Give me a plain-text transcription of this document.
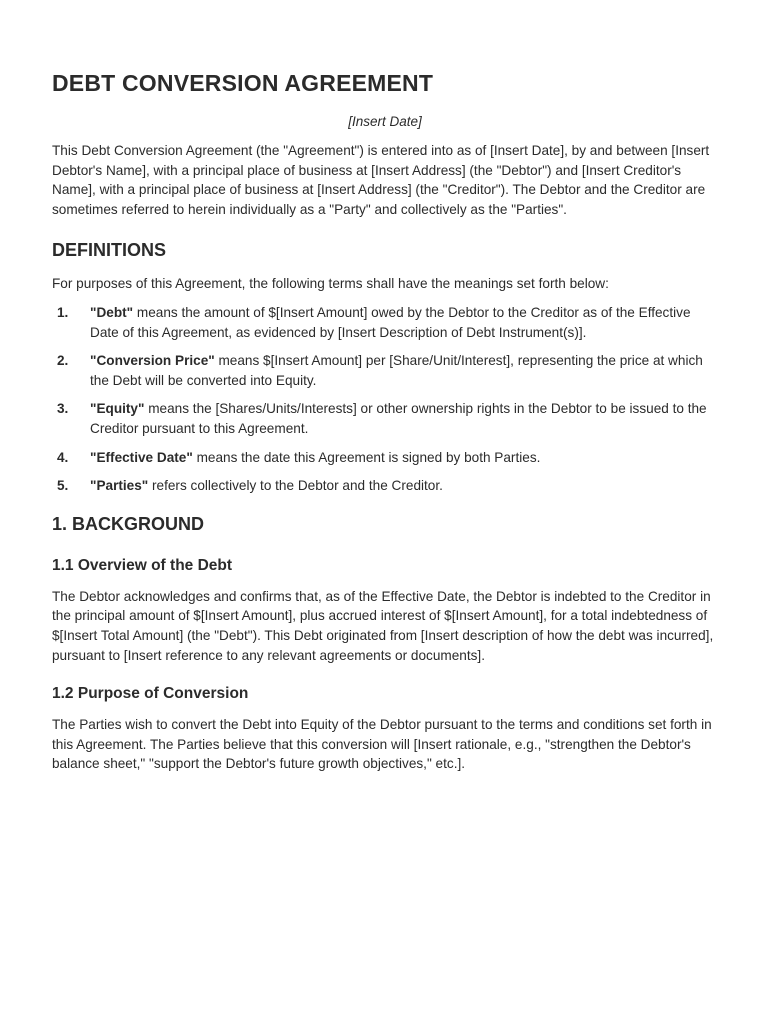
DEBT CONVERSION AGREEMENT
[Insert Date]

This Debt Conversion Agreement (the "Agreement") is entered into as of [Insert Date], by and between [Insert Debtor's Name], with a principal place of business at [Insert Address] (the "Debtor") and [Insert Creditor's Name], with a principal place of business at [Insert Address] (the "Creditor"). The Debtor and the Creditor are sometimes referred to herein individually as a "Party" and collectively as the "Parties".

DEFINITIONS

For purposes of this Agreement, the following terms shall have the meanings set forth below:

1.	"Debt" means the amount of $[Insert Amount] owed by the Debtor to the Creditor as of the Effective Date of this Agreement, as evidenced by [Insert Description of Debt Instrument(s)].
2.	"Conversion Price" means $[Insert Amount] per [Share/Unit/Interest], representing the price at which the Debt will be converted into Equity.
3.	"Equity" means the [Shares/Units/Interests] or other ownership rights in the Debtor to be issued to the Creditor pursuant to this Agreement.
4.	"Effective Date" means the date this Agreement is signed by both Parties.
5.	"Parties" refers collectively to the Debtor and the Creditor.
1. BACKGROUND
1.1 Overview of the Debt

The Debtor acknowledges and confirms that, as of the Effective Date, the Debtor is indebted to the Creditor in the principal amount of $[Insert Amount], plus accrued interest of $[Insert Amount], for a total indebtedness of $[Insert Total Amount] (the "Debt"). This Debt originated from [Insert description of how the debt was incurred], pursuant to [Insert reference to any relevant agreements or documents].

1.2 Purpose of Conversion

The Parties wish to convert the Debt into Equity of the Debtor pursuant to the terms and conditions set forth in this Agreement. The Parties believe that this conversion will [Insert rationale, e.g., "strengthen the Debtor's balance sheet," "support the Debtor's future growth objectives," etc.].
